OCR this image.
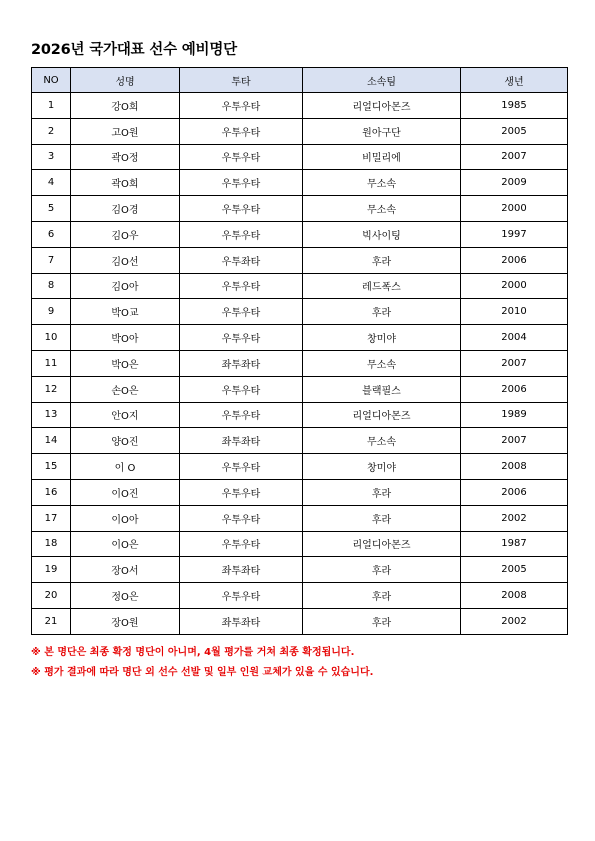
2026년 국가대표 선수 예비명단
NO	성명	투타	소속팀	생년
1	강O희	우투우타	리얼디아몬즈	1985
2	고O원	우투우타	원아구단	2005
3	곽O정	우투우타	비밀리에	2007
4	곽O희	우투우타	무소속	2009
5	김O경	우투우타	무소속	2000
6	김O우	우투우타	빅사이팅	1997
7	김O선	우투좌타	후라	2006
8	김O아	우투우타	레드폭스	2000
9	박O교	우투우타	후라	2010
10	박O아	우투우타	창미야	2004
11	박O은	좌투좌타	무소속	2007
12	손O은	우투우타	블랙필스	2006
13	안O지	우투우타	리얼디아몬즈	1989
14	양O진	좌투좌타	무소속	2007
15	이 O	우투우타	창미야	2008
16	이O진	우투우타	후라	2006
17	이O아	우투우타	후라	2002
18	이O은	우투우타	리얼디아몬즈	1987
19	장O서	좌투좌타	후라	2005
20	정O은	우투우타	후라	2008
21	장O원	좌투좌타	후라	2002
※ 본 명단은 최종 확정 명단이 아니며, 4월 평가를 거쳐 최종 확정됩니다.
※ 평가 결과에 따라 명단 외 선수 선발 및 일부 인원 교체가 있을 수 있습니다.
